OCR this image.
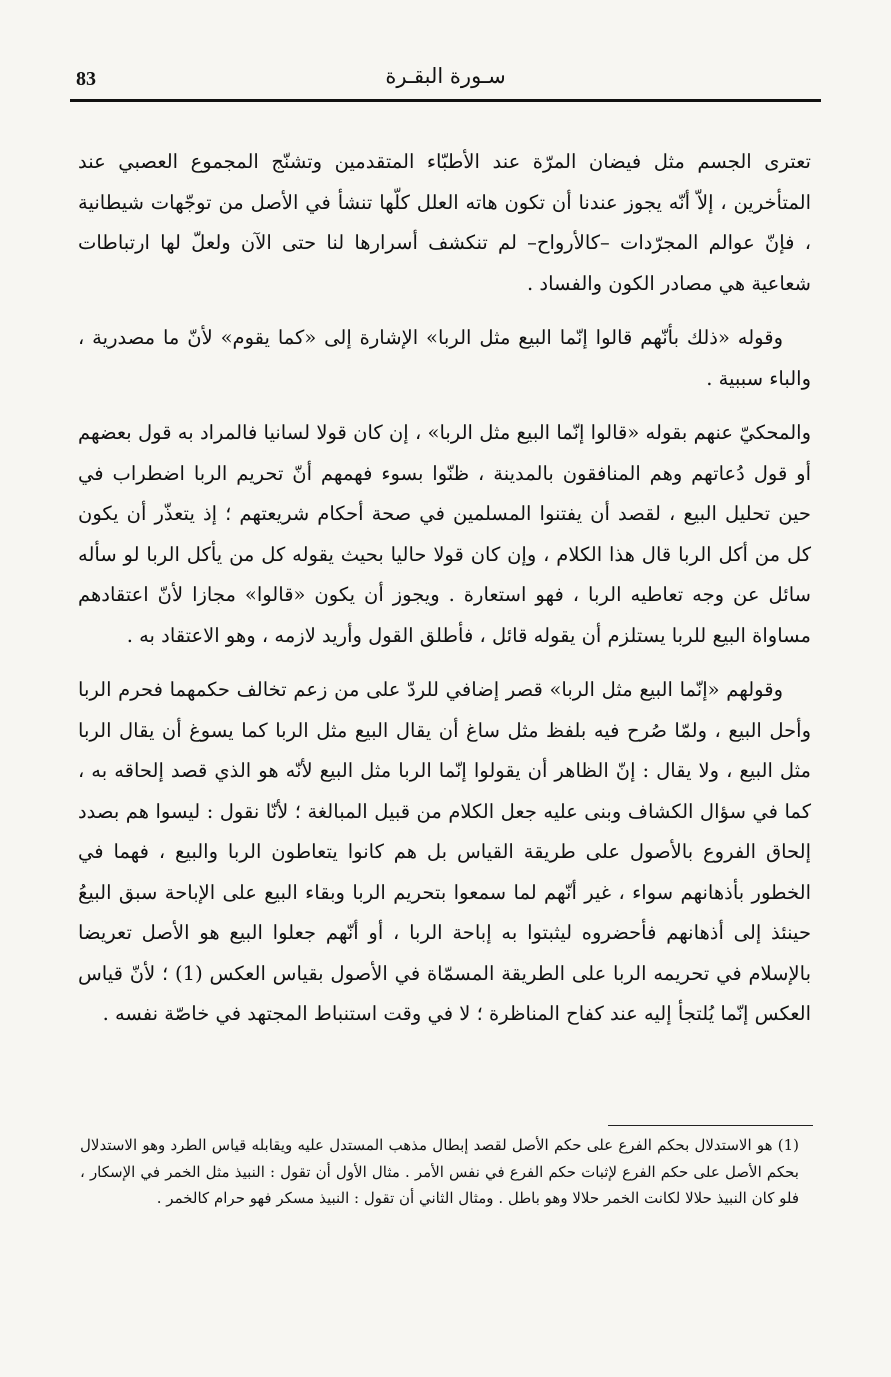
83	سـورة البقـرة

تعترى الجسم مثل فيضان المرّة عند الأطبّاء المتقدمين وتشنّج المجموع العصبي عند المتأخرين ، إلاّ أنّه يجوز عندنا أن تكون هاته العلل كلّها تنشأ في الأصل من توجّهات شيطانية ، فإنّ عوالم المجرّدات –كالأرواح– لم تنكشف أسرارها لنا حتى الآن ولعلّ لها ارتباطات شعاعية هي مصادر الكون والفساد .

وقوله «ذلك بأنّهم قالوا إنّما البيع مثل الربا» الإشارة إلى «كما يقوم» لأنّ ما مصدرية ، والباء سببية .

والمحكيّ عنهم بقوله «قالوا إنّما البيع مثل الربا» ، إن كان قولا لسانيا فالمراد به قول بعضهم أو قول دُعاتهم وهم المنافقون بالمدينة ، ظنّوا بسوء فهمهم أنّ تحريم الربا اضطراب في حين تحليل البيع ، لقصد أن يفتنوا المسلمين في صحة أحكام شريعتهم ؛ إذ يتعذّر أن يكون كل من أكل الربا قال هذا الكلام ، وإن كان قولا حاليا بحيث يقوله كل من يأكل الربا لو سأله سائل عن وجه تعاطيه الربا ، فهو استعارة . ويجوز أن يكون «قالوا» مجازا لأنّ اعتقادهم مساواة البيع للربا يستلزم أن يقوله قائل ، فأطلق القول وأريد لازمه ، وهو الاعتقاد به .

وقولهم «إنّما البيع مثل الربا» قصر إضافي للردّ على من زعم تخالف حكمهما فحرم الربا وأحل البيع ، ولمّا صُرح فيه بلفظ مثل ساغ أن يقال البيع مثل الربا كما يسوغ أن يقال الربا مثل البيع ، ولا يقال : إنّ الظاهر أن يقولوا إنّما الربا مثل البيع لأنّه هو الذي قصد إلحاقه به ، كما في سؤال الكشاف وبنى عليه جعل الكلام من قبيل المبالغة ؛ لأنّا نقول : ليسوا هم بصدد إلحاق الفروع بالأصول على طريقة القياس بل هم كانوا يتعاطون الربا والبيع ، فهما في الخطور بأذهانهم سواء ، غير أنّهم لما سمعوا بتحريم الربا وبقاء البيع على الإباحة سبق البيعُ حينئذ إلى أذهانهم فأحضروه ليثبتوا به إباحة الربا ، أو أنّهم جعلوا البيع هو الأصل تعريضا بالإسلام في تحريمه الربا على الطريقة المسمّاة في الأصول بقياس العكس (1) ؛ لأنّ قياس العكس إنّما يُلتجأ إليه عند كفاح المناظرة ؛ لا في وقت استنباط المجتهد في خاصّة نفسه .

(1) هو الاستدلال بحكم الفرع على حكم الأصل لقصد إبطال مذهب المستدل عليه ويقابله قياس الطرد وهو الاستدلال بحكم الأصل على حكم الفرع لإثبات حكم الفرع في نفس الأمر . مثال الأول أن تقول : النبيذ مثل الخمر في الإسكار ، فلو كان النبيذ حلالا لكانت الخمر حلالا وهو باطل . ومثال الثاني أن تقول : النبيذ مسكر فهو حرام كالخمر .
